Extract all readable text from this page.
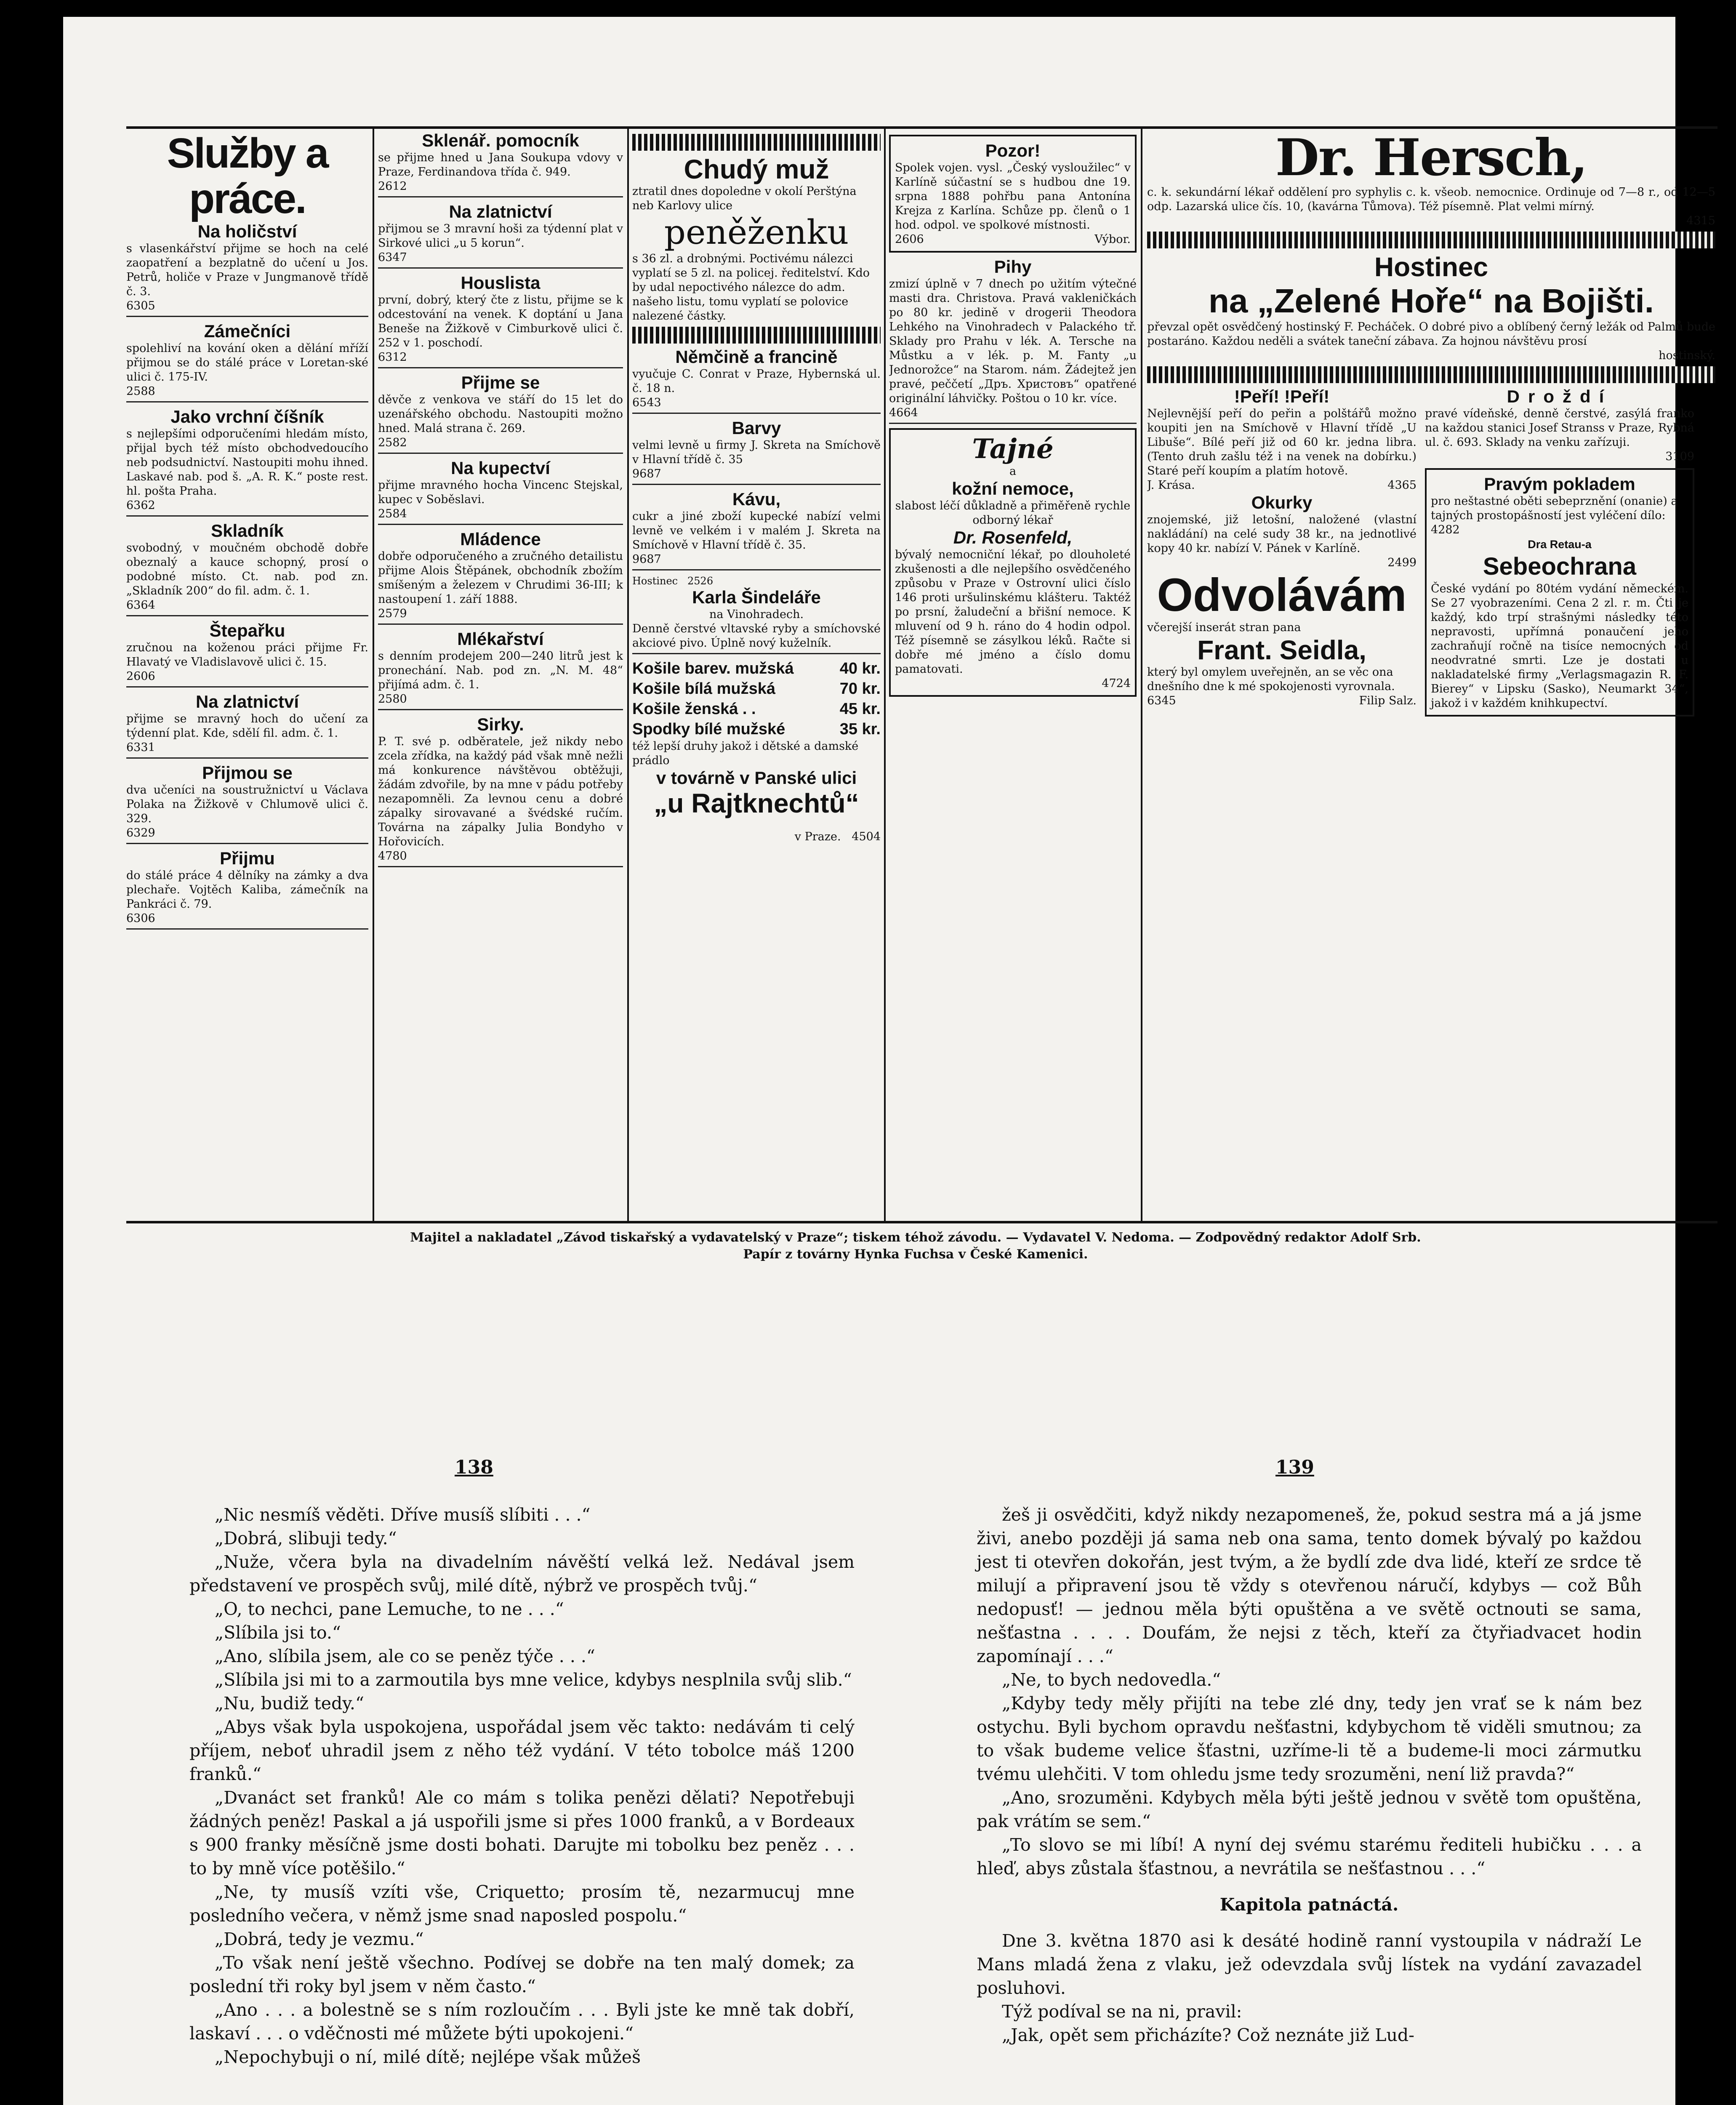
Služby a práce.
Na holičství

s vlasenkářství přijme se hoch na celé zaopatření a bezplatně do učení u Jos. Petrů, holiče v Praze v Jungmanově třídě č. 3.

6305

Zámečníci

spolehliví na kování oken a dělání mříží přijmou se do stálé práce v Loretan-ské ulici č. 175-IV.

2588

Jako vrchní číšník

s nejlepšími odporučeními hledám místo, přijal bych též místo obchodvedoucího neb podsudnictví. Nastoupiti mohu ihned. Laskavé nab. pod š. „A. R. K.“ poste rest. hl. pošta Praha.

6362

Skladník

svobodný, v moučném obchodě dobře obeznalý a kauce schopný, prosí o podobné místo. Ct. nab. pod zn. „Skladník 200“ do fil. adm. č. 1.

6364

Štepařku

zručnou na koženou práci přijme Fr. Hlavatý ve Vladislavově ulici č. 15.

2606

Na zlatnictví

přijme se mravný hoch do učení za týdenní plat. Kde, sdělí fil. adm. č. 1.

6331

Přijmou se

dva učeníci na soustružnictví u Václava Polaka na Žižkově v Chlumově ulici č. 329.

6329

Přijmu

do stálé práce 4 dělníky na zámky a dva plechaře. Vojtěch Kaliba, zámečník na Pankráci č. 79.

6306

Sklenář. pomocník

se přijme hned u Jana Soukupa vdovy v Praze, Ferdinandova třída č. 949.

2612

Na zlatnictví

přijmou se 3 mravní hoši za týdenní plat v Sirkové ulici „u 5 korun“.

6347

Houslista

první, dobrý, který čte z listu, přijme se k odcestování na venek. K doptání u Jana Beneše na Žižkově v Cimburkově ulici č. 252 v 1. poschodí.

6312

Přijme se

děvče z venkova ve stáří do 15 let do uzenářského obchodu. Nastoupiti možno hned. Malá strana č. 269.

2582

Na kupectví

přijme mravného hocha Vincenc Stejskal, kupec v Soběslavi.

2584

Mládence

dobře odporučeného a zručného detailistu přijme Alois Štěpánek, obchodník zbožím smíšeným a železem v Chrudimi 36-III; k nastoupení 1. září 1888.

2579

Mlékařství

s denním prodejem 200—240 litrů jest k pronechání. Nab. pod zn. „N. M. 48“ přijímá adm. č. 1.

2580

Sirky.

P. T. své p. odběratele, jež nikdy nebo zcela zřídka, na každý pád však mně nežli má konkurence návštěvou obtěžuji, žádám zdvořile, by na mne v pádu potřeby nezapomněli. Za levnou cenu a dobré zápalky sirovavané a švédské ručím. Továrna na zápalky Julia Bondyho v Hořovicích.

4780

Chudý muž

ztratil dnes dopoledne v okolí Perštýna neb Karlovy ulice

peněženku

s 36 zl. a drobnými. Poctivému nálezci vyplatí se 5 zl. na policej. ředitelství. Kdo by udal nepoctivého nálezce do adm. našeho listu, tomu vyplatí se polovice nalezené částky.

Němčině a francině

vyučuje C. Conrat v Praze, Hybernská ul. č. 18 n.

6543

Barvy

velmi levně u firmy J. Skreta na Smíchově v Hlavní třídě č. 35

9687

Kávu,

cukr a jiné zboží kupecké nabízí velmi levně ve velkém i v malém J. Skreta na Smíchově v Hlavní třídě č. 35.

9687

Hostinec 2526

Karla Šindeláře

na Vinohradech.

Denně čerstvé vltavské ryby a smíchovské akciové pivo. Úplně nový kuželník.

Košile barev. mužská	40 kr.
Košile bílá mužská	70 kr.
Košile ženská . .	45 kr.
Spodky bílé mužské	35 kr.

též lepší druhy jakož i dětské a damské prádlo

v továrně v Panské ulici
„u Rajtknechtů“

v Praze. 4504

Pozor!

Spolek vojen. vysl. „Český vysloužilec“ v Karlíně súčastní se s hudbou dne 19. srpna 1888 pohřbu pana Antonína Krejza z Karlína. Schůze pp. členů o 1 hod. odpol. ve spolkové místnosti.

2606	Výbor.

Pihy

zmizí úplně v 7 dnech po užitím výtečné masti dra. Christova. Pravá vakleničkách po 80 kr. jedině v drogerii Theodora Lehkého na Vinohradech v Palackého tř. Sklady pro Prahu v lék. A. Tersche na Můstku a v lék. p. M. Fanty „u Jednorožce“ na Starom. nám. Žádejtež jen pravé, peččetí „Дръ. Христовъ“ opatřené originální láhvičky. Poštou o 10 kr. více.

4664

Tajné
a
kožní nemoce,

slabost léčí důkladně a přiměřeně rychle odborný lékař

Dr. Rosenfeld,

bývalý nemocniční lékař, po dlouholeté zkušenosti a dle nejlepšího osvědčeného způsobu v Praze v Ostrovní ulici číslo 146 proti uršulinskému klášteru. Taktéž po prsní, žaludeční a břišní nemoce. K mluvení od 9 h. ráno do 4 hodin odpol. Též písemně se zásylkou léků. Račte si dobře mé jméno a číslo domu pamatovati.

4724

Dr. Hersch,

c. k. sekundární lékař oddělení pro syphylis c. k. všeob. nemocnice. Ordinuje od 7—8 r., od 12—5 odp. Lazarská ulice čís. 10, (kavárna Tůmova). Též písemně. Plat velmi mírný.

4315

Hostinec
na „Zelené Hoře“ na Bojišti.

převzal opět osvědčený hostinský F. Pecháček. O dobré pivo a oblíbený černý ležák od Palmů bude postaráno. Každou neděli a svátek taneční zábava. Za hojnou návštěvu prosí

hostinský.

!Peří! !Peří!

Nejlevnější peří do peřin a polštářů možno koupiti jen na Smíchově v Hlavní třídě „U Libuše“. Bílé peří již od 60 kr. jedna libra. (Tento druh zašlu též i na venek na dobírku.) Staré peří koupím a platím hotově.

J. Krása.	4365

Okurky

znojemské, již letošní, naložené (vlastní nakládání) na celé sudy 38 kr., na jednotlivé kopy 40 kr. nabízí V. Pánek v Karlíně.

2499

Odvolávám

včerejší inserát stran pana

Frant. Seidla,

který byl omylem uveřejněn, an se věc ona dnešního dne k mé spokojenosti vyrovnala.

6345	Filip Salz.

Droždí

pravé vídeňské, denně čerstvé, zasýlá franko na každou stanici Josef Stranss v Praze, Rybná ul. č. 693. Sklady na venku zařízuji.

3109

Pravým pokladem

pro neštastné oběti sebeprznění (onanie) a tajných prostopášností jest vyléčení dílo: 4282

Dra Retau-a
Sebeochrana

České vydání po 80tém vydání německém. Se 27 vyobrazeními. Cena 2 zl. r. m. Čti je každý, kdo trpí strašnými následky této nepravosti, upřímná ponaučení jeho zachraňují ročně na tisíce nemocných od neodvratné smrti. Lze je dostati u nakladatelské firmy „Verlagsmagazin R. F. Bierey“ v Lipsku (Sasko), Neumarkt 34“, jakož i v každém knihkupectví.

Majitel a nakladatel „Závod tiskařský a vydavatelský v Praze“; tiskem téhož závodu. — Vydavatel V. Nedoma. — Zodpovědný redaktor Adolf Srb.
Papír z továrny Hynka Fuchsa v České Kamenici.
138	139

„Nic nesmíš věděti. Dříve musíš slíbiti . . .“

„Dobrá, slibuji tedy.“

„Nuže, včera byla na divadelním návěští velká lež. Nedával jsem představení ve prospěch svůj, milé dítě, nýbrž ve prospěch tvůj.“

„O, to nechci, pane Lemuche, to ne . . .“

„Slíbila jsi to.“

„Ano, slíbila jsem, ale co se peněz týče . . .“

„Slíbila jsi mi to a zarmoutila bys mne velice, kdybys nesplnila svůj slib.“

„Nu, budiž tedy.“

„Abys však byla uspokojena, uspořádal jsem věc takto: nedávám ti celý příjem, neboť uhradil jsem z něho též vydání. V této tobolce máš 1200 franků.“

„Dvanáct set franků! Ale co mám s tolika penězi dělati? Nepotřebuji žádných peněz! Paskal a já uspořili jsme si přes 1000 franků, a v Bordeaux s 900 franky měsíčně jsme dosti bohati. Darujte mi tobolku bez peněz . . . to by mně více potěšilo.“

„Ne, ty musíš vzíti vše, Criquetto; prosím tě, nezarmucuj mne posledního večera, v němž jsme snad naposled pospolu.“

„Dobrá, tedy je vezmu.“

„To však není ještě všechno. Podívej se dobře na ten malý domek; za poslední tři roky byl jsem v něm často.“

„Ano . . . a bolestně se s ním rozloučím . . . Byli jste ke mně tak dobří, laskaví . . . o vděčnosti mé můžete býti upokojeni.“

„Nepochybuji o ní, milé dítě; nejlépe však můžeš

žeš ji osvědčiti, když nikdy nezapomeneš, že, pokud sestra má a já jsme živi, anebo později já sama neb ona sama, tento domek bývalý po každou jest ti otevřen dokořán, jest tvým, a že bydlí zde dva lidé, kteří ze srdce tě milují a připravení jsou tě vždy s otevřenou náručí, kdybys — což Bůh nedopusť! — jednou měla býti opuštěna a ve světě octnouti se sama, nešťastna . . . . Doufám, že nejsi z těch, kteří za čtyřiadvacet hodin zapomínají . . .“

„Ne, to bych nedovedla.“

„Kdyby tedy měly přijíti na tebe zlé dny, tedy jen vrať se k nám bez ostychu. Byli bychom opravdu nešťastni, kdybychom tě viděli smutnou; za to však budeme velice šťastni, uzříme-li tě a budeme-li moci zármutku tvému ulehčiti. V tom ohledu jsme tedy srozuměni, není liž pravda?“

„Ano, srozuměni. Kdybych měla býti ještě jednou v světě tom opuštěna, pak vrátím se sem.“

„To slovo se mi líbí! A nyní dej svému starému řediteli hubičku . . . a hleď, abys zůstala šťastnou, a nevrátila se nešťastnou . . .“

Kapitola patnáctá.

Dne 3. května 1870 asi k desáté hodině ranní vystoupila v nádraží Le Mans mladá žena z vlaku, jež odevzdala svůj lístek na vydání zavazadel posluhovi.

Týž podíval se na ni, pravil:

„Jak, opět sem přicházíte? Což neznáte již Lud-
